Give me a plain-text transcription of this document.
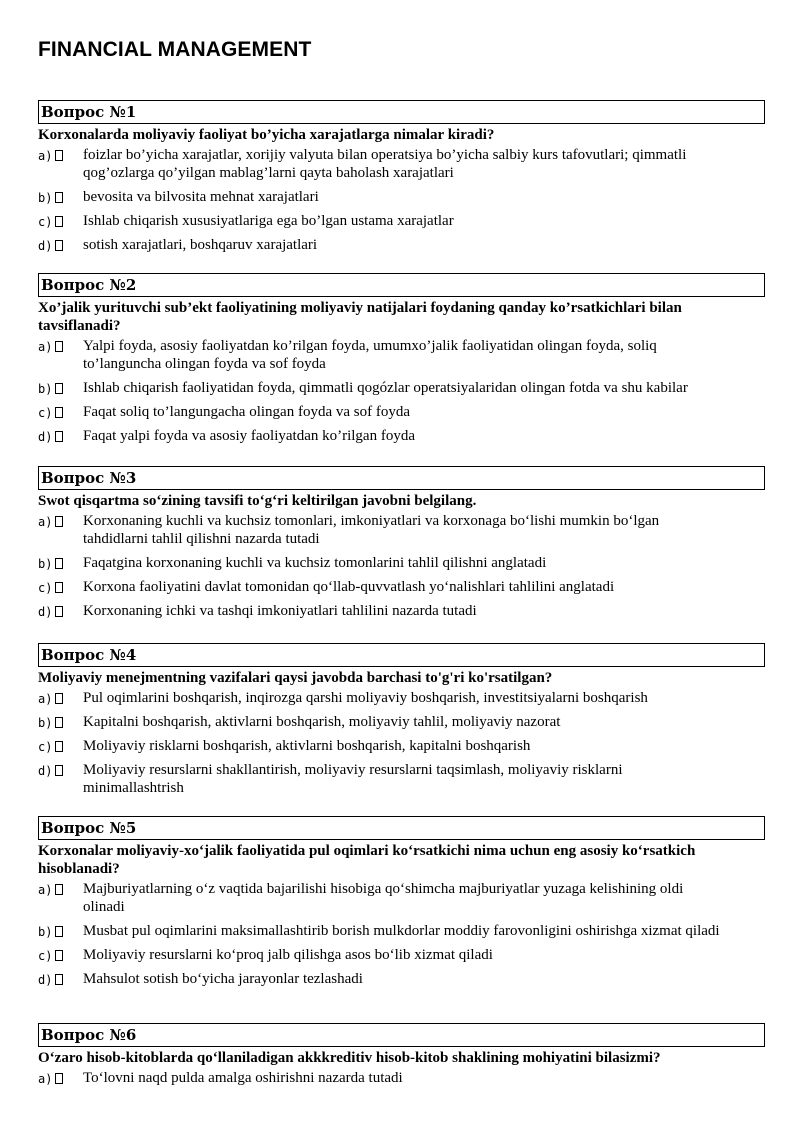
FINANCIAL MANAGEMENT
Вопрос №1
Korxonalarda moliyaviy faoliyat bo’yicha xarajatlarga nimalar kiradi?
a)	foizlar bo’yicha xarajatlar, xorijiy valyuta bilan operatsiya bo’yicha salbiy kurs tafovutlari; qimmatli qog’ozlarga qo’yilgan mablag’larni qayta baholash xarajatlari
b)	bevosita va bilvosita mehnat xarajatlari
c)	Ishlab chiqarish xususiyatlariga ega bo’lgan ustama xarajatlar
d)	sotish xarajatlari, boshqaruv xarajatlari
Вопрос №2
Xo’jalik yurituvchi sub’ekt faoliyatining moliyaviy natijalari foydaning qanday ko’rsatkichlari bilan tavsiflanadi?
a)	Yalpi foyda, asosiy faoliyatdan ko’rilgan foyda, umumxo’jalik faoliyatidan olingan foyda, soliq to’languncha olingan foyda va sof foyda
b)	Ishlab chiqarish faoliyatidan foyda, qimmatli qogózlar operatsiyalaridan olingan fotda va shu kabilar
c)	Faqat soliq to’langungacha olingan foyda va sof foyda
d)	Faqat yalpi foyda va asosiy faoliyatdan ko’rilgan foyda
Вопрос №3
Swot qisqartma so‘zining tavsifi to‘g‘ri keltirilgan javobni belgilang.
a)	Korxonaning kuchli va kuchsiz tomonlari, imkoniyatlari va korxonaga bo‘lishi mumkin bo‘lgan tahdidlarni tahlil qilishni nazarda tutadi
b)	Faqatgina korxonaning kuchli va kuchsiz tomonlarini tahlil qilishni anglatadi
c)	Korxona faoliyatini davlat tomonidan qo‘llab-quvvatlash yo‘nalishlari tahlilini anglatadi
d)	Korxonaning ichki va tashqi imkoniyatlari tahlilini nazarda tutadi
Вопрос №4
Moliyaviy menejmentning vazifalari qaysi javobda barchasi to'g'ri ko'rsatilgan?
a)	Pul oqimlarini boshqarish, inqirozga qarshi moliyaviy boshqarish, investitsiyalarni boshqarish
b)	Kapitalni boshqarish, aktivlarni boshqarish, moliyaviy tahlil, moliyaviy nazorat
c)	Moliyaviy risklarni boshqarish, aktivlarni boshqarish, kapitalni boshqarish
d)	Moliyaviy resurslarni shakllantirish, moliyaviy resurslarni taqsimlash, moliyaviy risklarni minimallashtrish
Вопрос №5
Korxonalar moliyaviy-xo‘jalik faoliyatida pul oqimlari ko‘rsatkichi nima uchun eng asosiy ko‘rsatkich hisoblanadi?
a)	Majburiyatlarning o‘z vaqtida bajarilishi hisobiga qo‘shimcha majburiyatlar yuzaga kelishining oldi olinadi
b)	Musbat pul oqimlarini maksimallashtirib borish mulkdorlar moddiy farovonligini oshirishga xizmat qiladi
c)	Moliyaviy resurslarni ko‘proq jalb qilishga asos bo‘lib xizmat qiladi
d)	Mahsulot sotish bo‘yicha jarayonlar tezlashadi
Вопрос №6
O‘zaro hisob-kitoblarda qo‘llaniladigan akkkreditiv hisob-kitob shaklining mohiyatini bilasizmi?
a)	To‘lovni naqd pulda amalga oshirishni nazarda tutadi
